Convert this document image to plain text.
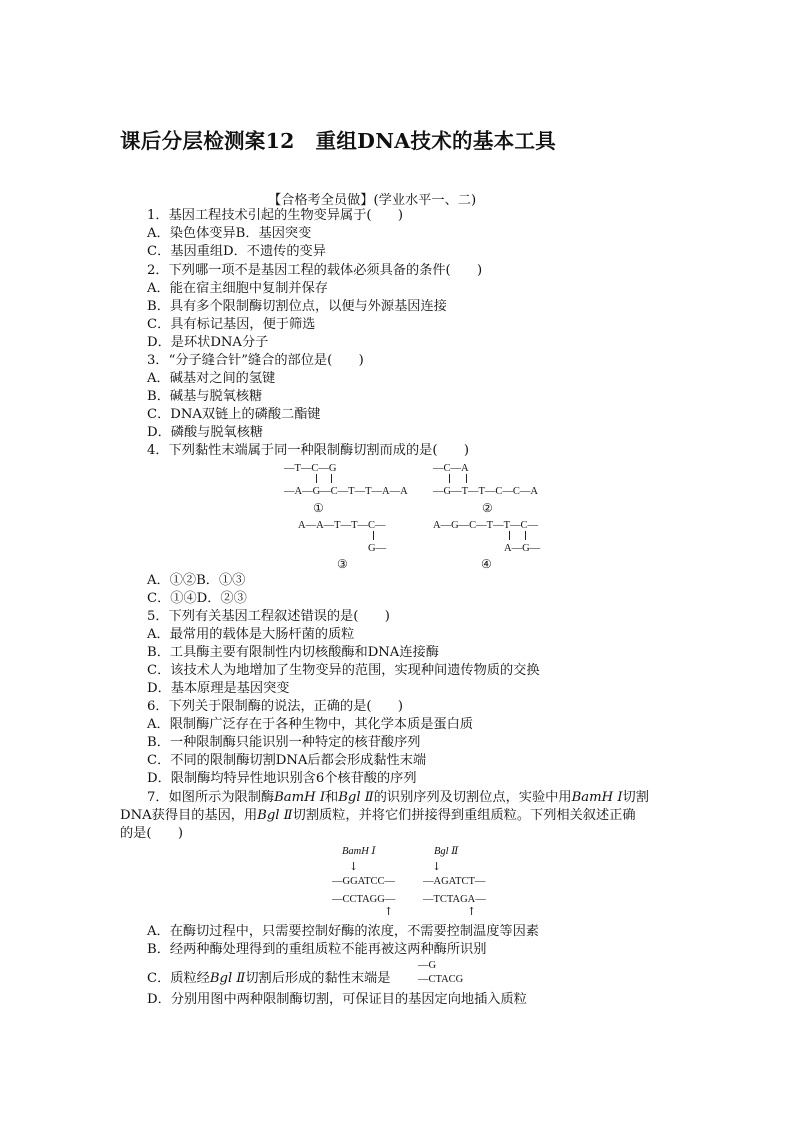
课后分层检测案12　重组DNA技术的基本工具
【合格考全员做】(学业水平一、二)
1．基因工程技术引起的生物变异属于(　　)
A．染色体变异B．基因突变
C．基因重组D．不遗传的变异
2．下列哪一项不是基因工程的载体必须具备的条件(　　)
A．能在宿主细胞中复制并保存
B．具有多个限制酶切割位点，以便与外源基因连接
C．具有标记基因，便于筛选
D．是环状DNA分子
3．“分子缝合针”缝合的部位是(　　)
A．碱基对之间的氢键
B．碱基与脱氧核糖
C．DNA双链上的磷酸二酯键
D．磷酸与脱氧核糖
4．下列黏性末端属于同一种限制酶切割而成的是(　　)
—T—C—G
—A—G—C—T—T—A—A
①
—C—A
—G—T—T—C—C—A
②
A—A—T—T—C—
G—
③
A—G—C—T—T—C—
A—G—
④
A．①②B．①③
C．①④D．②③
5．下列有关基因工程叙述错误的是(　　)
A．最常用的载体是大肠杆菌的质粒
B．工具酶主要有限制性内切核酸酶和DNA连接酶
C．该技术人为地增加了生物变异的范围，实现种间遗传物质的交换
D．基本原理是基因突变
6．下列关于限制酶的说法，正确的是(　　)
A．限制酶广泛存在于各种生物中，其化学本质是蛋白质
B．一种限制酶只能识别一种特定的核苷酸序列
C．不同的限制酶切割DNA后都会形成黏性末端
D．限制酶均特异性地识别含6个核苷酸的序列
7．如图所示为限制酶BamH Ⅰ和Bgl Ⅱ的识别序列及切割位点，实验中用BamH Ⅰ切割
DNA获得目的基因，用Bgl Ⅱ切割质粒，并将它们拼接得到重组质粒。下列相关叙述正确
的是(　　)
BamH Ⅰ	Bgl Ⅱ
↓	↓
—GGATCC—	—AGATCT—
—CCTAGG—	—TCTAGA—
↑	↑
A．在酶切过程中，只需要控制好酶的浓度，不需要控制温度等因素
B．经两种酶处理得到的重组质粒不能再被这两种酶所识别
—G
C．质粒经Bgl Ⅱ切割后形成的黏性末端是	—CTACG
D．分别用图中两种限制酶切割，可保证目的基因定向地插入质粒
